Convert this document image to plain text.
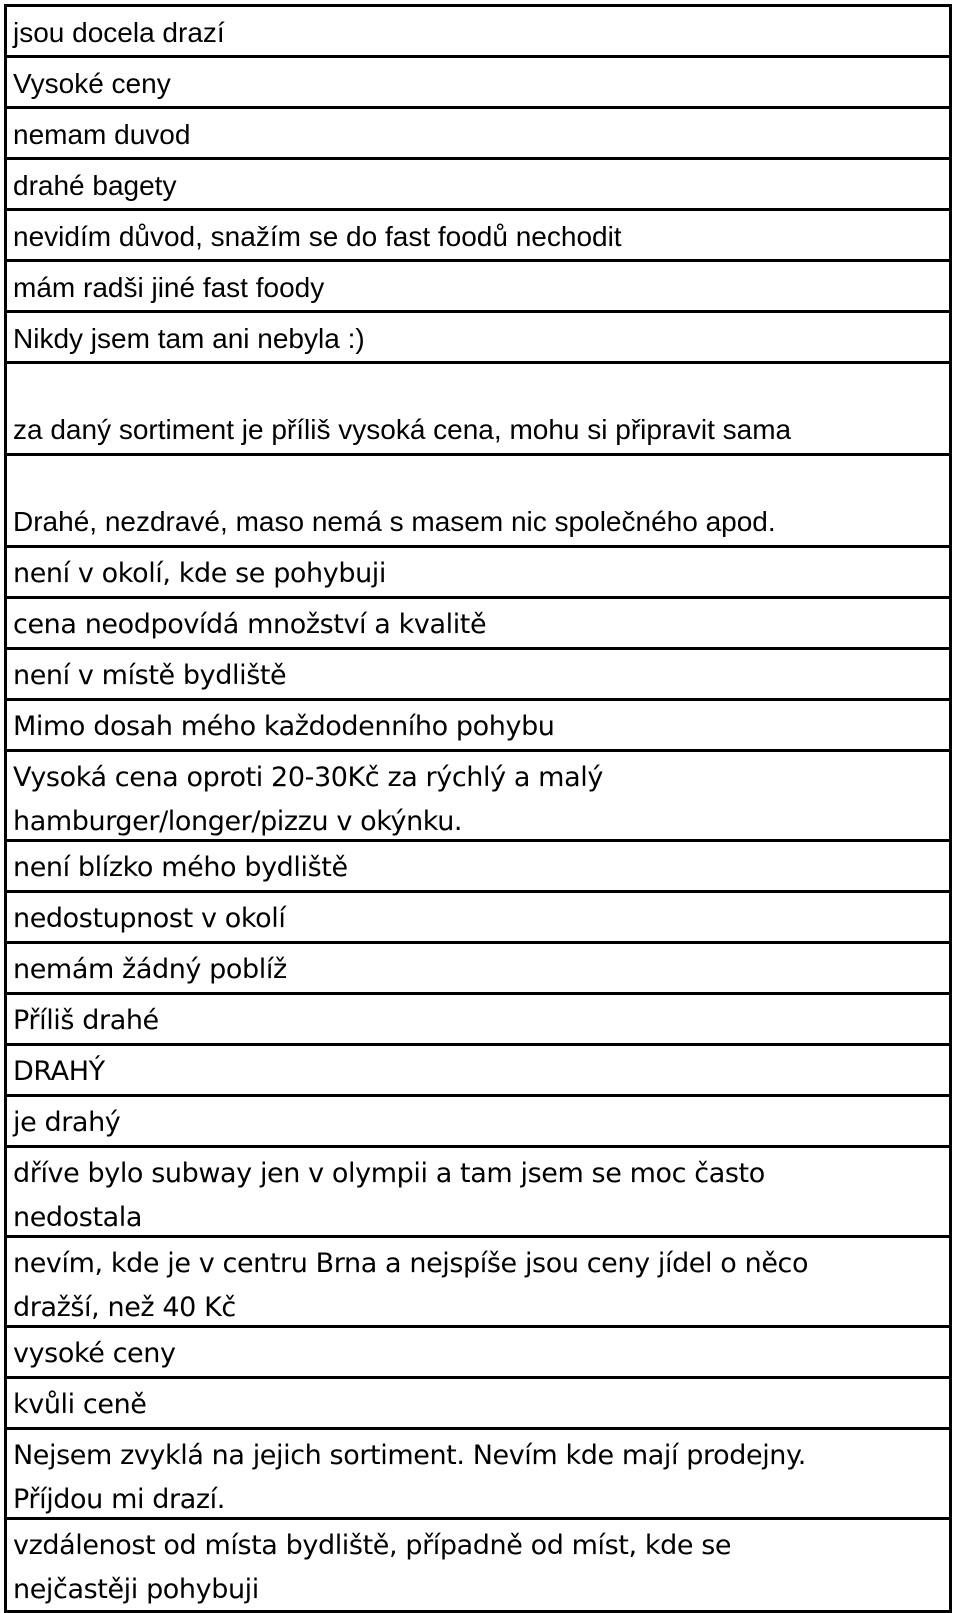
jsou docela drazí
Vysoké ceny
nemam duvod
drahé bagety
nevidím důvod, snažím se do fast foodů nechodit
mám radši jiné fast foody
Nikdy jsem tam ani nebyla :)
za daný sortiment je příliš vysoká cena, mohu si připravit sama
Drahé, nezdravé, maso nemá s masem nic společného apod.
není v okolí, kde se pohybuji
cena neodpovídá množství a kvalitě
není v místě bydliště
Mimo dosah mého každodenního pohybu
Vysoká cena oproti 20-30Kč za rýchlý a malý
hamburger/longer/pizzu v okýnku.
není blízko mého bydliště
nedostupnost v okolí
nemám žádný poblíž
Příliš drahé
DRAHÝ
je drahý
dříve bylo subway jen v olympii a tam jsem se moc často
nedostala
nevím, kde je v centru Brna a nejspíše jsou ceny jídel o něco
dražší, než 40 Kč
vysoké ceny
kvůli ceně
Nejsem zvyklá na jejich sortiment. Nevím kde mají prodejny.
Příjdou mi drazí.
vzdálenost od místa bydliště, případně od míst, kde se
nejčastěji pohybuji
